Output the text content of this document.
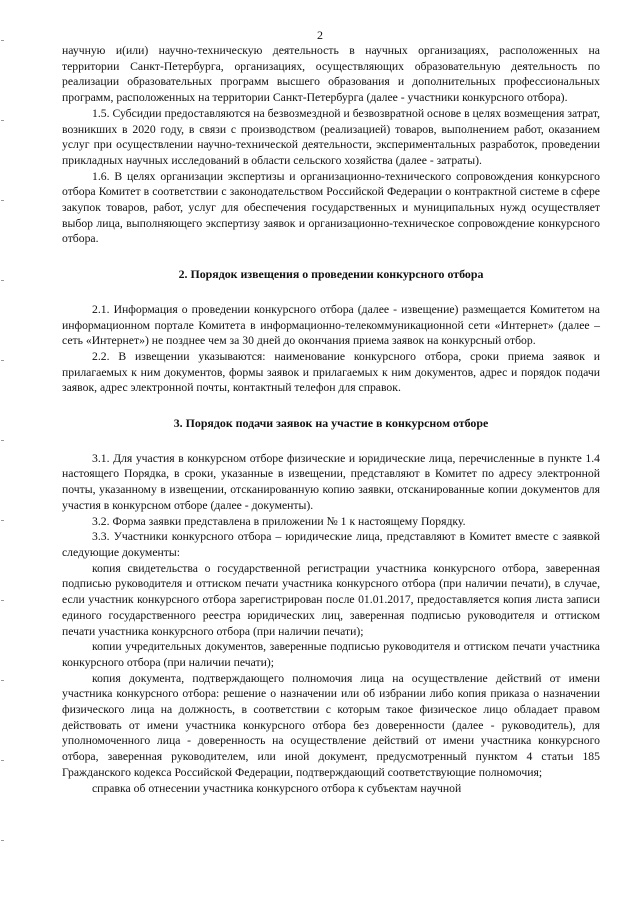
2

научную и(или) научно-техническую деятельность в научных организациях, расположенных на территории Санкт-Петербурга, организациях, осуществляющих образовательную деятельность по реализации образовательных программ высшего образования и дополнительных профессиональных программ, расположенных на территории Санкт-Петербурга (далее - участники конкурсного отбора).

1.5. Субсидии предоставляются на безвозмездной и безвозвратной основе в целях возмещения затрат, возникших в 2020 году, в связи с производством (реализацией) товаров, выполнением работ, оказанием услуг при осуществлении научно-технической деятельности, экспериментальных разработок, проведении прикладных научных исследований в области сельского хозяйства (далее - затраты).

1.6. В целях организации экспертизы и организационно-технического сопровождения конкурсного отбора Комитет в соответствии с законодательством Российской Федерации о контрактной системе в сфере закупок товаров, работ, услуг для обеспечения государственных и муниципальных нужд осуществляет выбор лица, выполняющего экспертизу заявок и организационно-техническое сопровождение конкурсного отбора.

2. Порядок извещения о проведении конкурсного отбора

2.1. Информация о проведении конкурсного отбора (далее - извещение) размещается Комитетом на информационном портале Комитета в информационно-телекоммуникационной сети «Интернет» (далее – сеть «Интернет») не позднее чем за 30 дней до окончания приема заявок на конкурсный отбор.

2.2. В извещении указываются: наименование конкурсного отбора, сроки приема заявок и прилагаемых к ним документов, формы заявок и прилагаемых к ним документов, адрес и порядок подачи заявок, адрес электронной почты, контактный телефон для справок.

3. Порядок подачи заявок на участие в конкурсном отборе

3.1. Для участия в конкурсном отборе физические и юридические лица, перечисленные в пункте 1.4 настоящего Порядка, в сроки, указанные в извещении, представляют в Комитет по адресу электронной почты, указанному в извещении, отсканированную копию заявки, отсканированные копии документов для участия в конкурсном отборе (далее - документы).

3.2. Форма заявки представлена в приложении № 1 к настоящему Порядку.

3.3. Участники конкурсного отбора – юридические лица, представляют в Комитет вместе с заявкой следующие документы:

копия свидетельства о государственной регистрации участника конкурсного отбора, заверенная подписью руководителя и оттиском печати участника конкурсного отбора (при наличии печати), в случае, если участник конкурсного отбора зарегистрирован после 01.01.2017, предоставляется копия листа записи единого государственного реестра юридических лиц, заверенная подписью руководителя и оттиском печати участника конкурсного отбора (при наличии печати);

копии учредительных документов, заверенные подписью руководителя и оттиском печати участника конкурсного отбора (при наличии печати);

копия документа, подтверждающего полномочия лица на осуществление действий от имени участника конкурсного отбора: решение о назначении или об избрании либо копия приказа о назначении физического лица на должность, в соответствии с которым такое физическое лицо обладает правом действовать от имени участника конкурсного отбора без доверенности (далее - руководитель), для уполномоченного лица - доверенность на осуществление действий от имени участника конкурсного отбора, заверенная руководителем, или иной документ, предусмотренный пунктом 4 статьи 185 Гражданского кодекса Российской Федерации, подтверждающий соответствующие полномочия;

справка об отнесении участника конкурсного отбора к субъектам научной
